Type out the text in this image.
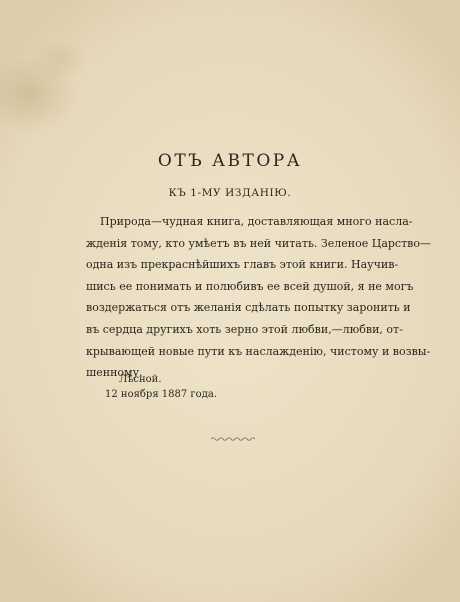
ОТЪ АВТОРА
КЪ 1-МУ ИЗДАНІЮ.
Природа—чудная книга, доставляющая много насла-
жденія тому, кто умѣетъ въ ней читать. Зеленое Царство—
одна изъ прекраснѣйшихъ главъ этой книги. Научив-
шись ее понимать и полюбивъ ее всей душой, я не могъ
воздержаться отъ желанія сдѣлать попытку заронить и
въ сердца другихъ хоть зерно этой любви,—любви, от-
крывающей новые пути къ наслажденію, чистому и возвы-
шенному.
Лѣсной.
12 ноября 1887 года.
